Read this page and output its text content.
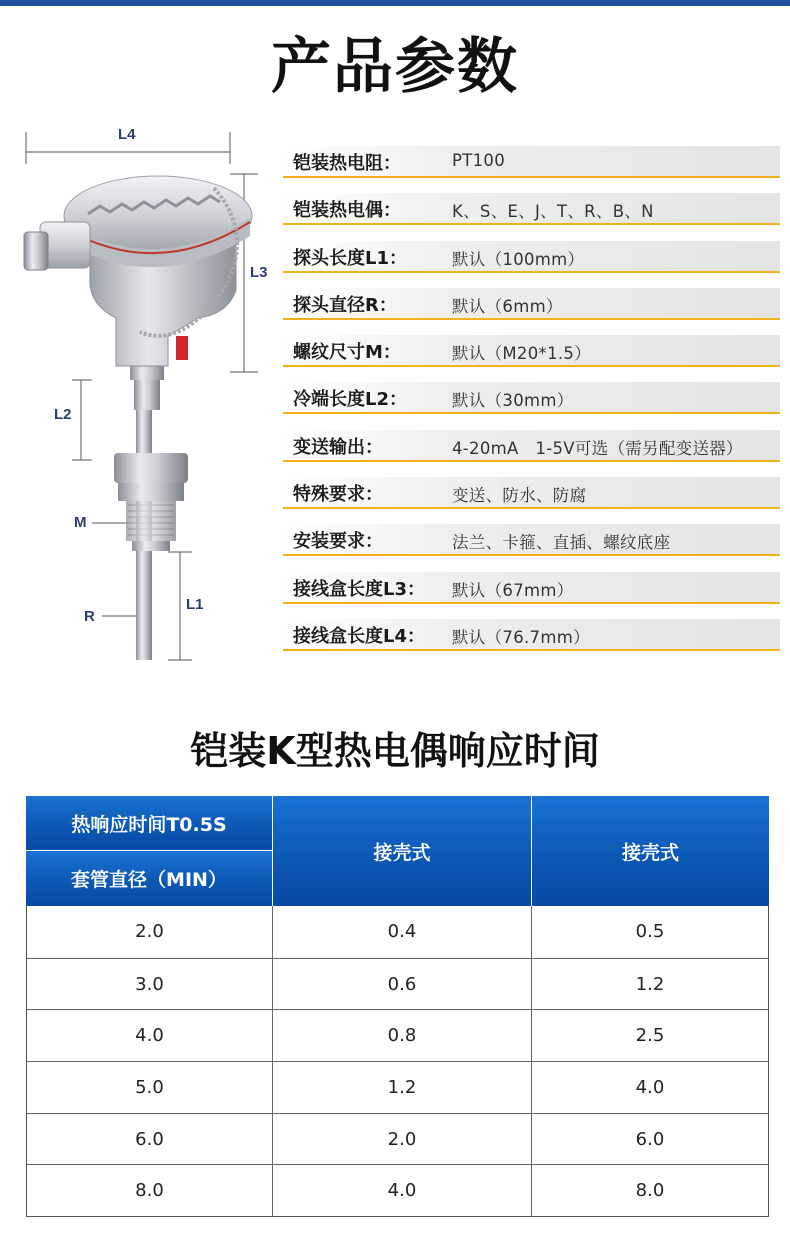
产品参数
L4
L3
L2
M
R
L1
铠装热电阻：	PT100
铠装热电偶：	K、S、E、J、T、R、B、N
探头长度L1：	默认（100mm）
探头直径R：	默认（6mm）
螺纹尺寸M：	默认（M20*1.5）
冷端长度L2：	默认（30mm）
变送输出：	4-20mA　1-5V可选（需另配变送器）
特殊要求：	变送、防水、防腐
安装要求：	法兰、卡箍、直插、螺纹底座
接线盒长度L3： 默认（67mm）
接线盒长度L4： 默认（76.7mm）
铠装K型热电偶响应时间
热响应时间T0.5S
套管直径（MIN）
接壳式	接壳式
2.0	0.4	0.5
3.0	0.6	1.2
4.0	0.8	2.5
5.0	1.2	4.0
6.0	2.0	6.0
8.0	4.0	8.0
